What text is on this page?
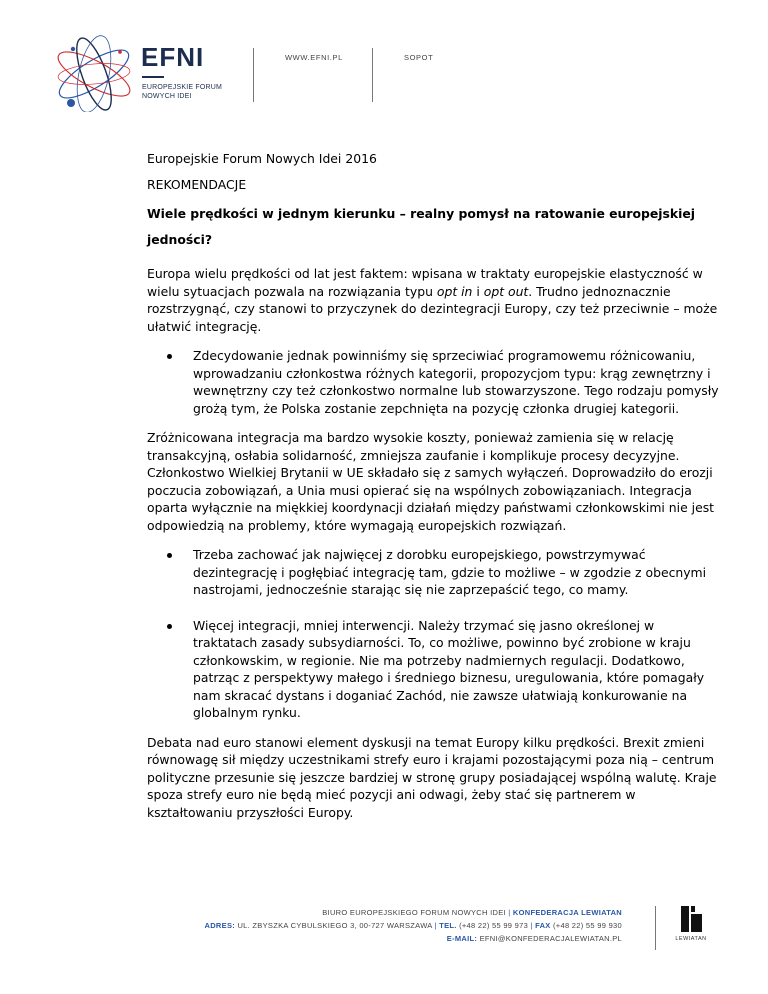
EFNI
EUROPEJSKIE FORUM
NOWYCH IDEI
WWW.EFNI.PL	SOPOT

Europejskie Forum Nowych Idei 2016

REKOMENDACJE

Wiele prędkości w jednym kierunku – realny pomysł na ratowanie europejskiej jedności?

Europa wielu prędkości od lat jest faktem: wpisana w traktaty europejskie elastyczność w wielu sytuacjach pozwala na rozwiązania typu opt in i opt out. Trudno jednoznacznie rozstrzygnąć, czy stanowi to przyczynek do dezintegracji Europy, czy też przeciwnie – może ułatwić integrację.

Zdecydowanie jednak powinniśmy się sprzeciwiać programowemu różnicowaniu, wprowadzaniu członkostwa różnych kategorii, propozycjom typu: krąg zewnętrzny i wewnętrzny czy też członkostwo normalne lub stowarzyszone. Tego rodzaju pomysły grożą tym, że Polska zostanie zepchnięta na pozycję członka drugiej kategorii.

Zróżnicowana integracja ma bardzo wysokie koszty, ponieważ zamienia się w relację transakcyjną, osłabia solidarność, zmniejsza zaufanie i komplikuje procesy decyzyjne. Członkostwo Wielkiej Brytanii w UE składało się z samych wyłączeń. Doprowadziło do erozji poczucia zobowiązań, a Unia musi opierać się na wspólnych zobowiązaniach. Integracja oparta wyłącznie na miękkiej koordynacji działań między państwami członkowskimi nie jest odpowiedzią na problemy, które wymagają europejskich rozwiązań.

Trzeba zachować jak najwięcej z dorobku europejskiego, powstrzymywać dezintegrację i pogłębiać integrację tam, gdzie to możliwe – w zgodzie z obecnymi nastrojami, jednocześnie starając się nie zaprzepaścić tego, co mamy.
Więcej integracji, mniej interwencji. Należy trzymać się jasno określonej w traktatach zasady subsydiarności. To, co możliwe, powinno być zrobione w kraju członkowskim, w regionie. Nie ma potrzeby nadmiernych regulacji. Dodatkowo, patrząc z perspektywy małego i średniego biznesu, uregulowania, które pomagały nam skracać dystans i doganiać Zachód, nie zawsze ułatwiają konkurowanie na globalnym rynku.

Debata nad euro stanowi element dyskusji na temat Europy kilku prędkości. Brexit zmieni równowagę sił między uczestnikami strefy euro i krajami pozostającymi poza nią – centrum polityczne przesunie się jeszcze bardziej w stronę grupy posiadającej wspólną walutę. Kraje spoza strefy euro nie będą mieć pozycji ani odwagi, żeby stać się partnerem w kształtowaniu przyszłości Europy.

BIURO EUROPEJSKIEGO FORUM NOWYCH IDEI | KONFEDERACJA LEWIATAN
ADRES: UL. ZBYSZKA CYBULSKIEGO 3, 00-727 WARSZAWA | TEL. (+48 22) 55 99 973 | FAX (+48 22) 55 99 930
E-MAIL: EFNI@KONFEDERACJALEWIATAN.PL	LEWIATAN
